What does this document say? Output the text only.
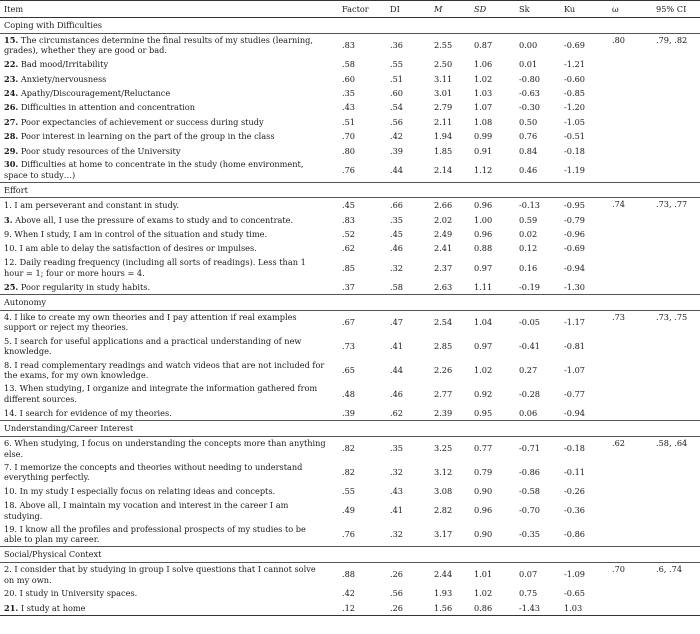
Item	Factor	DI	M	SD	Sk	Ku	ω	95% CI
Coping with Difficulties								
15. The circumstances determine the final results of my studies (learning, grades), whether they are good or bad.	.83	.36	2.55	0.87	0.00	-0.69	.80	.79, .82
22. Bad mood/Irritability	.58	.55	2.50	1.06	0.01	-1.21		
23. Anxiety/nervousness	.60	.51	3.11	1.02	-0.80	-0.60		
24. Apathy/Discouragement/Reluctance	.35	.60	3.01	1.03	-0.63	-0.85		
26. Difficulties in attention and concentration	.43	.54	2.79	1.07	-0.30	-1.20		
27. Poor expectancies of achievement or success during study	.51	.56	2.11	1.08	0.50	-1.05		
28. Poor interest in learning on the part of the group in the class	.70	.42	1.94	0.99	0.76	-0.51		
29. Poor study resources of the University	.80	.39	1.85	0.91	0.84	-0.18		
30. Difficulties at home to concentrate in the study (home environment, space to study…)	.76	.44	2.14	1.12	0.46	-1.19		
Effort								
1. I am perseverant and constant in study.	.45	.66	2.66	0.96	-0.13	-0.95	.74	.73, .77
3. Above all, I use the pressure of exams to study and to concentrate.	.83	.35	2.02	1.00	0.59	-0.79		
9. When I study, I am in control of the situation and study time.	.52	.45	2.49	0.96	0.02	-0.96		
10. I am able to delay the satisfaction of desires or impulses.	.62	.46	2.41	0.88	0.12	-0.69		
12. Daily reading frequency (including all sorts of readings). Less than 1 hour = 1; four or more hours = 4.	.85	.32	2.37	0.97	0.16	-0.94		
25. Poor regularity in study habits.	.37	.58	2.63	1.11	-0.19	-1.30		
Autonomy								
4. I like to create my own theories and I pay attention if real examples support or reject my theories.	.67	.47	2.54	1.04	-0.05	-1.17	.73	.73, .75
5. I search for useful applications and a practical understanding of new knowledge.	.73	.41	2.85	0.97	-0.41	-0.81		
8. I read complementary readings and watch videos that are not included for the exams, for my own knowledge.	.65	.44	2.26	1.02	0.27	-1.07		
13. When studying, I organize and integrate the information gathered from different sources.	.48	.46	2.77	0.92	-0.28	-0.77		
14. I search for evidence of my theories.	.39	.62	2.39	0.95	0.06	-0.94		
Understanding/Career Interest								
6. When studying, I focus on understanding the concepts more than anything else.	.82	.35	3.25	0.77	-0.71	-0.18	.62	.58, .64
7. I memorize the concepts and theories without needing to understand everything perfectly.	.82	.32	3.12	0.79	-0.86	-0.11		
10. In my study I especially focus on relating ideas and concepts.	.55	.43	3.08	0.90	-0.58	-0.26		
18. Above all, I maintain my vocation and interest in the career I am studying.	.49	.41	2.82	0.96	-0.70	-0.36		
19. I know all the profiles and professional prospects of my studies to be able to plan my career.	.76	.32	3.17	0.90	-0.35	-0.86		
Social/Physical Context								
2. I consider that by studying in group I solve questions that I cannot solve on my own.	.88	.26	2.44	1.01	0.07	-1.09	.70	.6, .74
20. I study in University spaces.	.42	.56	1.93	1.02	0.75	-0.65		
21. I study at home	.12	.26	1.56	0.86	-1.43	1.03		
